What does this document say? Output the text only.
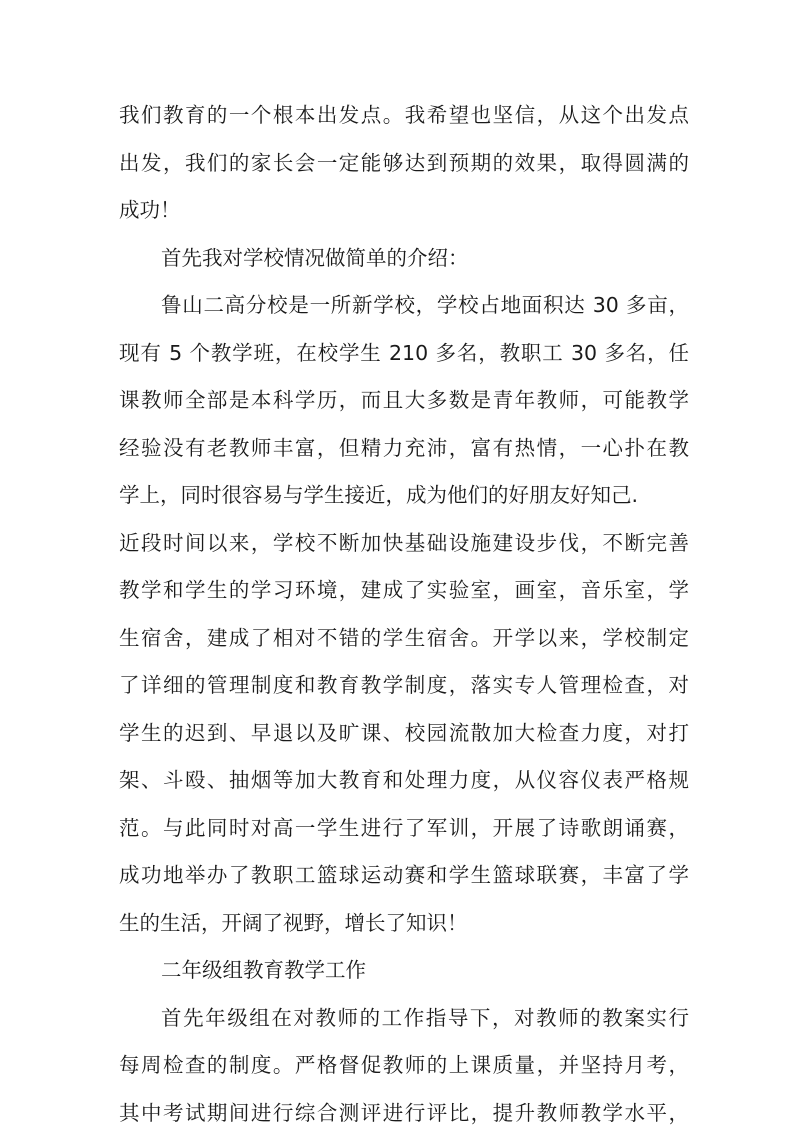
我们教育的一个根本出发点。我希望也坚信，从这个出发点
出发，我们的家长会一定能够达到预期的效果，取得圆满的
成功！
首先我对学校情况做简单的介绍：
鲁山二高分校是一所新学校，学校占地面积达 30 多亩，
现有 5 个教学班，在校学生 210 多名，教职工 30 多名，任
课教师全部是本科学历，而且大多数是青年教师，可能教学
经验没有老教师丰富，但精力充沛，富有热情，一心扑在教
学上，同时很容易与学生接近，成为他们的好朋友好知己.
近段时间以来，学校不断加快基础设施建设步伐，不断完善
教学和学生的学习环境，建成了实验室，画室，音乐室，学
生宿舍，建成了相对不错的学生宿舍。开学以来，学校制定
了详细的管理制度和教育教学制度，落实专人管理检查，对
学生的迟到、早退以及旷课、校园流散加大检查力度，对打
架、斗殴、抽烟等加大教育和处理力度，从仪容仪表严格规
范。与此同时对高一学生进行了军训，开展了诗歌朗诵赛，
成功地举办了教职工篮球运动赛和学生篮球联赛，丰富了学
生的生活，开阔了视野，增长了知识！
二年级组教育教学工作
首先年级组在对教师的工作指导下，对教师的教案实行
每周检查的制度。严格督促教师的上课质量，并坚持月考，
其中考试期间进行综合测评进行评比，提升教师教学水平，
